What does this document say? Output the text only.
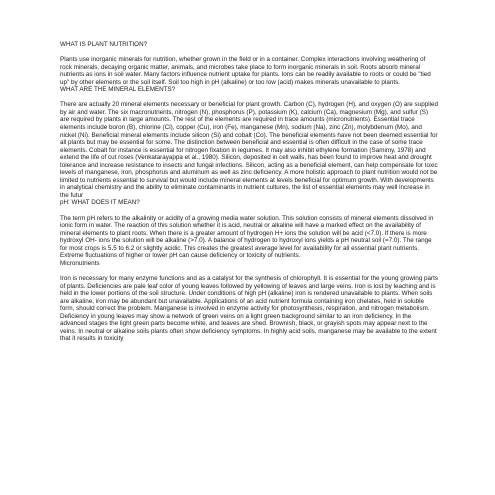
WHAT IS PLANT NUTRITION?

Plants use inorganic minerals for nutrition, whether grown in the field or in a container. Complex interactions involving weathering of rock minerals, decaying organic matter, animals, and microbes take place to form inorganic minerals in soil. Roots absorb mineral nutrients as ions in soil water. Many factors influence nutrient uptake for plants. Ions can be readily available to roots or could be "tied up" by other elements or the soil itself. Soil too high in pH (alkaline) or too low (acid) makes minerals unavailable to plants.

WHAT ARE THE MINERAL ELEMENTS?

There are actually 20 mineral elements necessary or beneficial for plant growth. Carbon (C), hydrogen (H), and oxygen (O) are supplied by air and water. The six macronutrients, nitrogen (N), phosphorus (P), potassium (K), calcium (Ca), magnesium (Mg), and sulfur (S) are required by plants in large amounts. The rest of the elements are required in trace amounts (micronutrients). Essential trace elements include boron (B), chlorine (Cl), copper (Cu), iron (Fe), manganese (Mn), sodium (Na), zinc (Zn), molybdenum (Mo), and nickel (Ni). Beneficial mineral elements include silicon (Si) and cobalt (Co). The beneficial elements have not been deemed essential for all plants but may be essential for some. The distinction between beneficial and essential is often difficult in the case of some trace elements. Cobalt for instance is essential for nitrogen fixation in legumes. It may also inhibit ethylene formation (Samimy, 1978) and extend the life of cut roses (Venkatarayappa et al., 1980). Silicon, deposited in cell walls, has been found to improve heat and drought tolerance and increase resistance to insects and fungal infections. Silicon, acting as a beneficial element, can help compensate for toxic levels of manganese, iron, phosphorus and aluminum as well as zinc deficiency. A more holistic approach to plant nutrition would not be limited to nutrients essential to survival but would include mineral elements at levels beneficial for optimum growth. With developments in analytical chemistry and the ability to eliminate contaminants in nutrient cultures, the list of essential elements may well increase in the futur

pH: WHAT DOES IT MEAN?

The term pH refers to the alkalinity or acidity of a growing media water solution. This solution consists of mineral elements dissolved in ionic form in water. The reaction of this solution whether it is acid, neutral or alkaline will have a marked effect on the availability of mineral elements to plant roots. When there is a greater amount of hydrogen H+ ions the solution will be acid (<7.0). If there is more hydroxyl OH- ions the solution will be alkaline (>7.0). A balance of hydrogen to hydroxyl ions yields a pH neutral soil (=7.0). The range for most crops is 5.5 to 6.2 or slightly acidic. This creates the greatest average level for availability for all essential plant nutrients. Extreme fluctuations of higher or lower pH can cause deficiency or toxicity of nutrients.

Micronutrients

Iron is necessary for many enzyme functions and as a catalyst for the synthesis of chlorophyll. It is essential for the young growing parts of plants. Deficiencies are pale leaf color of young leaves followed by yellowing of leaves and large veins. Iron is lost by leaching and is held in the lower portions of the soil structure. Under conditions of high pH (alkaline) iron is rendered unavailable to plants. When soils are alkaline, iron may be abundant but unavailable. Applications of an acid nutrient formula containing iron chelates, held in soluble form, should correct the problem. Manganese is involved in enzyme activity for photosynthesis, respiration, and nitrogen metabolism. Deficiency in young leaves may show a network of green veins on a light green background similar to an iron deficiency. In the advanced stages the light green parts become white, and leaves are shed. Brownish, black, or grayish spots may appear next to the veins. In neutral or alkaline soils plants often show deficiency symptoms. In highly acid soils, manganese may be available to the extent that it results in toxicity
